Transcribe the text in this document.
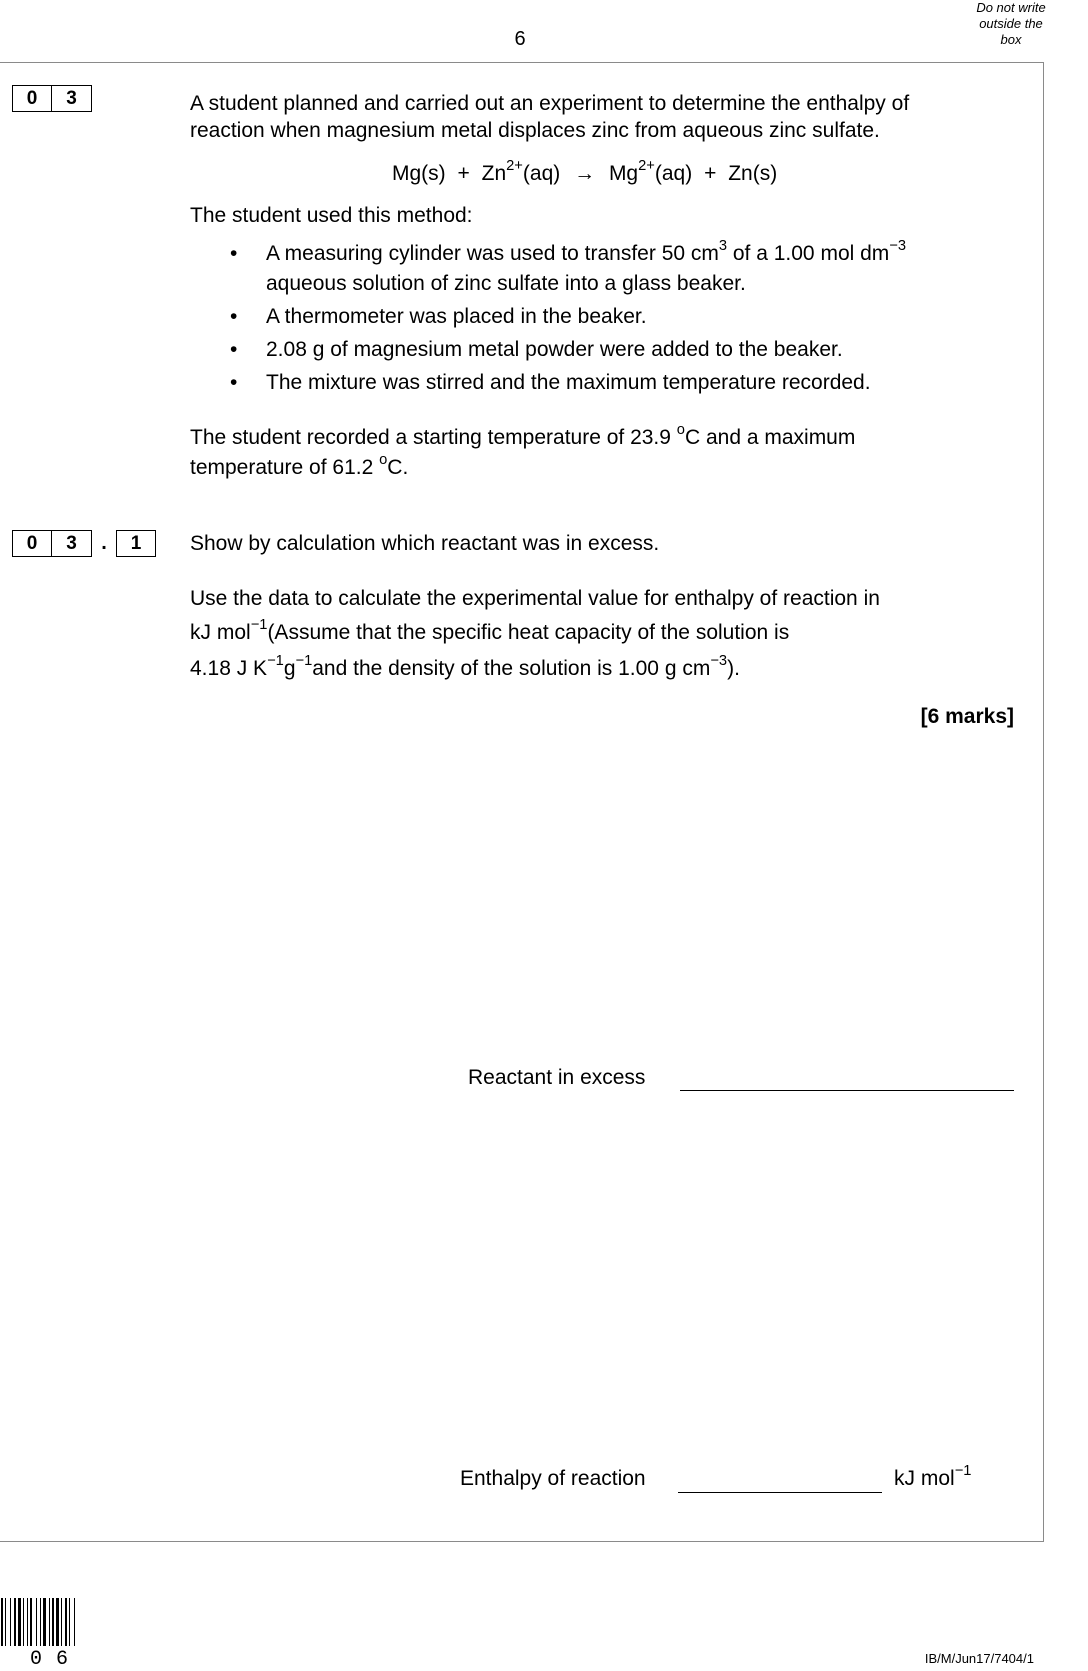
6
Do not write
outside the
box
0	3	A student planned and carried out an experiment to determine the enthalpy of
reaction when magnesium metal displaces zinc from aqueous zinc sulfate.
$Mg(s) + Zn^{2+}(aq) \to Mg^{2+}(aq) + Zn(s)$
The student used this method:
• A measuring cylinder was used to transfer 50 $cm^3$ of a 1.00 mol $dm^{-3}$
aqueous solution of zinc sulfate into a glass beaker.
• A thermometer was placed in the beaker.
• 2.08 g of magnesium metal powder were added to the beaker.
• The mixture was stirred and the maximum temperature recorded.
The student recorded a starting temperature of 23.9 $^o$C and a maximum
temperature of 61.2 $^o$C.
0	3	.	1	Show by calculation which reactant was in excess.
Use the data to calculate the experimental value for enthalpy of reaction in
kJ mol$^{-1}$(Assume that the specific heat capacity of the solution is
4.18 J $K^{-1}g^{-1}and$ the density of the solution is 1.00 g $cm^{-3}$).
[6 marks]
Reactant in excess
Enthalpy of reaction	kJ mol$^{-1}$
06	IB/M/Jun17/7404/1
